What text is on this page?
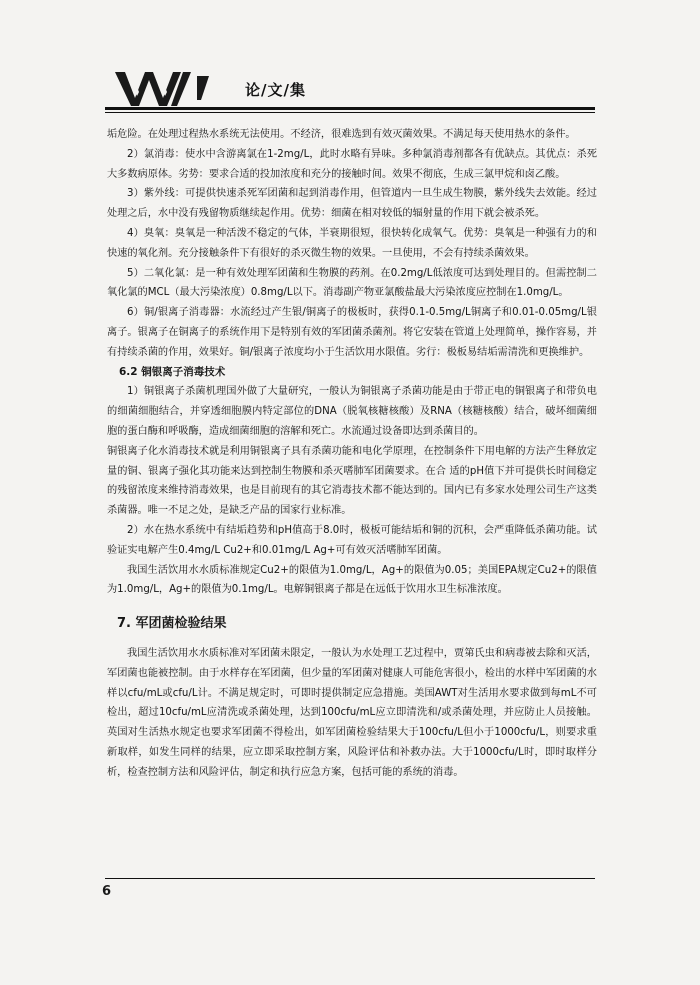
论/文/集

垢危险。在处理过程热水系统无法使用。不经济，很难选到有效灭菌效果。不满足每天使用热水的条件。

2）氯消毒：使水中含游离氯在1-2mg/L，此时水略有异味。多种氯消毒剂都各有优缺点。其优点：杀死大多数病原体。劣势：要求合适的投加浓度和充分的接触时间。效果不彻底，生成三氯甲烷和卤乙酸。

3）紫外线：可提供快速杀死军团菌和起到消毒作用，但管道内一旦生成生物膜，紫外线失去效能。经过处理之后，水中没有残留物质继续起作用。优势：细菌在相对较低的辐射量的作用下就会被杀死。

4）臭氧：臭氧是一种活泼不稳定的气体，半衰期很短，很快转化成氧气。优势：臭氧是一种强有力的和快速的氧化剂。充分接触条件下有很好的杀灭微生物的效果。一旦使用，不会有持续杀菌效果。

5）二氧化氯：是一种有效处理军团菌和生物膜的药剂。在0.2mg/L低浓度可达到处理目的。但需控制二氧化氯的MCL（最大污染浓度）0.8mg/L以下。消毒副产物亚氯酸盐最大污染浓度应控制在1.0mg/L。

6）铜/银离子消毒器：水流经过产生银/铜离子的极板时，获得0.1-0.5mg/L铜离子和0.01-0.05mg/L银离子。银离子在铜离子的系统作用下是特别有效的军团菌杀菌剂。将它安装在管道上处理简单，操作容易，并有持续杀菌的作用，效果好。铜/银离子浓度均小于生活饮用水限值。劣行：极板易结垢需清洗和更换维护。

6.2 铜银离子消毒技术

1）铜银离子杀菌机理国外做了大量研究，一般认为铜银离子杀菌功能是由于带正电的铜银离子和带负电的细菌细胞结合，并穿透细胞膜内特定部位的DNA（脱氧核糖核酸）及RNA（核糖核酸）结合，破坏细菌细胞的蛋白酶和呼吸酶，造成细菌细胞的溶解和死亡。水流通过设备即达到杀菌目的。

铜银离子化水消毒技术就是利用铜银离子具有杀菌功能和电化学原理，在控制条件下用电解的方法产生释放定量的铜、银离子强化其功能来达到控制生物膜和杀灭嗜肺军团菌要求。在合 适的pH值下并可提供长时间稳定的残留浓度来维持消毒效果，也是目前现有的其它消毒技术都不能达到的。国内已有多家水处理公司生产这类杀菌器。唯一不足之处，是缺乏产品的国家行业标准。

2）水在热水系统中有结垢趋势和pH值高于8.0时，极板可能结垢和铜的沉积，会严重降低杀菌功能。试验证实电解产生0.4mg/L Cu2+和0.01mg/L Ag+可有效灭活嗜肺军团菌。

我国生活饮用水水质标准规定Cu2+的限值为1.0mg/L，Ag+的限值为0.05；美国EPA规定Cu2+的限值为1.0mg/L，Ag+的限值为0.1mg/L。电解铜银离子都是在远低于饮用水卫生标准浓度。

7. 军团菌检验结果

我国生活饮用水水质标准对军团菌未限定，一般认为水处理工艺过程中，贾第氏虫和病毒被去除和灭活，军团菌也能被控制。由于水样存在军团菌，但少量的军团菌对健康人可能危害很小，检出的水样中军团菌的水样以cfu/mL或cfu/L计。不满足规定时，可即时提供制定应急措施。美国AWT对生活用水要求做到每mL不可检出，超过10cfu/mL应清洗或杀菌处理，达到100cfu/mL应立即清洗和/或杀菌处理，并应防止人员接触。英国对生活热水规定也要求军团菌不得检出，如军团菌检验结果大于100cfu/L但小于1000cfu/L，则要求重新取样，如发生同样的结果，应立即采取控制方案，风险评估和补救办法。大于1000cfu/L时，即时取样分析，检查控制方法和风险评估，制定和执行应急方案，包括可能的系统的消毒。

6
